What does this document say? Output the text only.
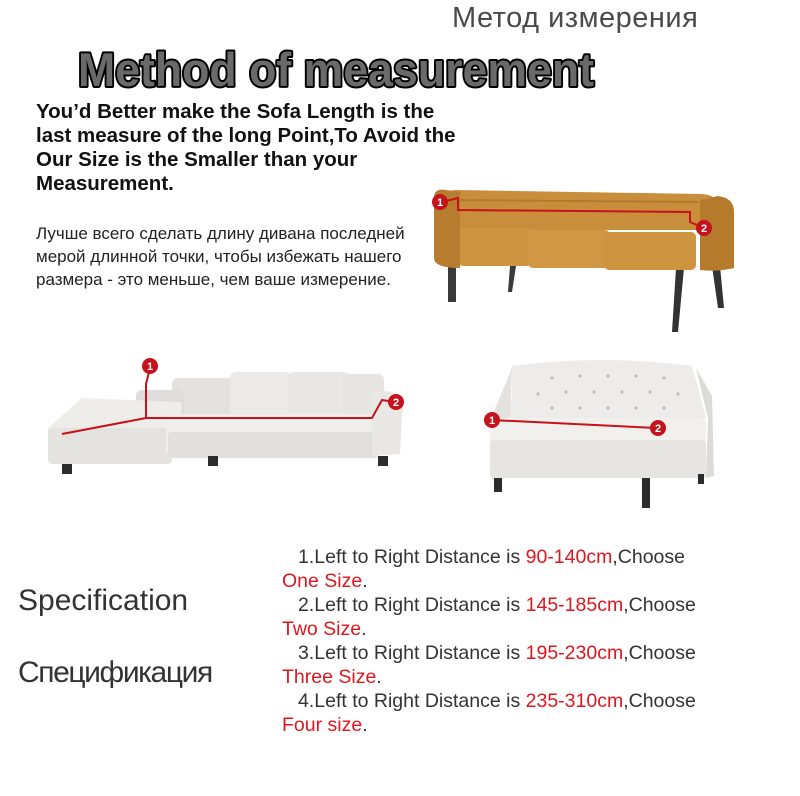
Метод измерения
Method of measurement
You’d Better make the Sofa Length is the last measure of the long Point,To Avoid the Our Size is the Smaller than your Measurement.
Лучше всего сделать длину дивана последней мерой длинной точки, чтобы избежать нашего размера - это меньше, чем ваше измерение.
1
2
1
2
1
2
Specification
Спецификация
1.Left to Right Distance is 90-140cm,Choose
One Size.
2.Left to Right Distance is 145-185cm,Choose
Two Size.
3.Left to Right Distance is 195-230cm,Choose
Three Size.
4.Left to Right Distance is 235-310cm,Choose
Four size.
